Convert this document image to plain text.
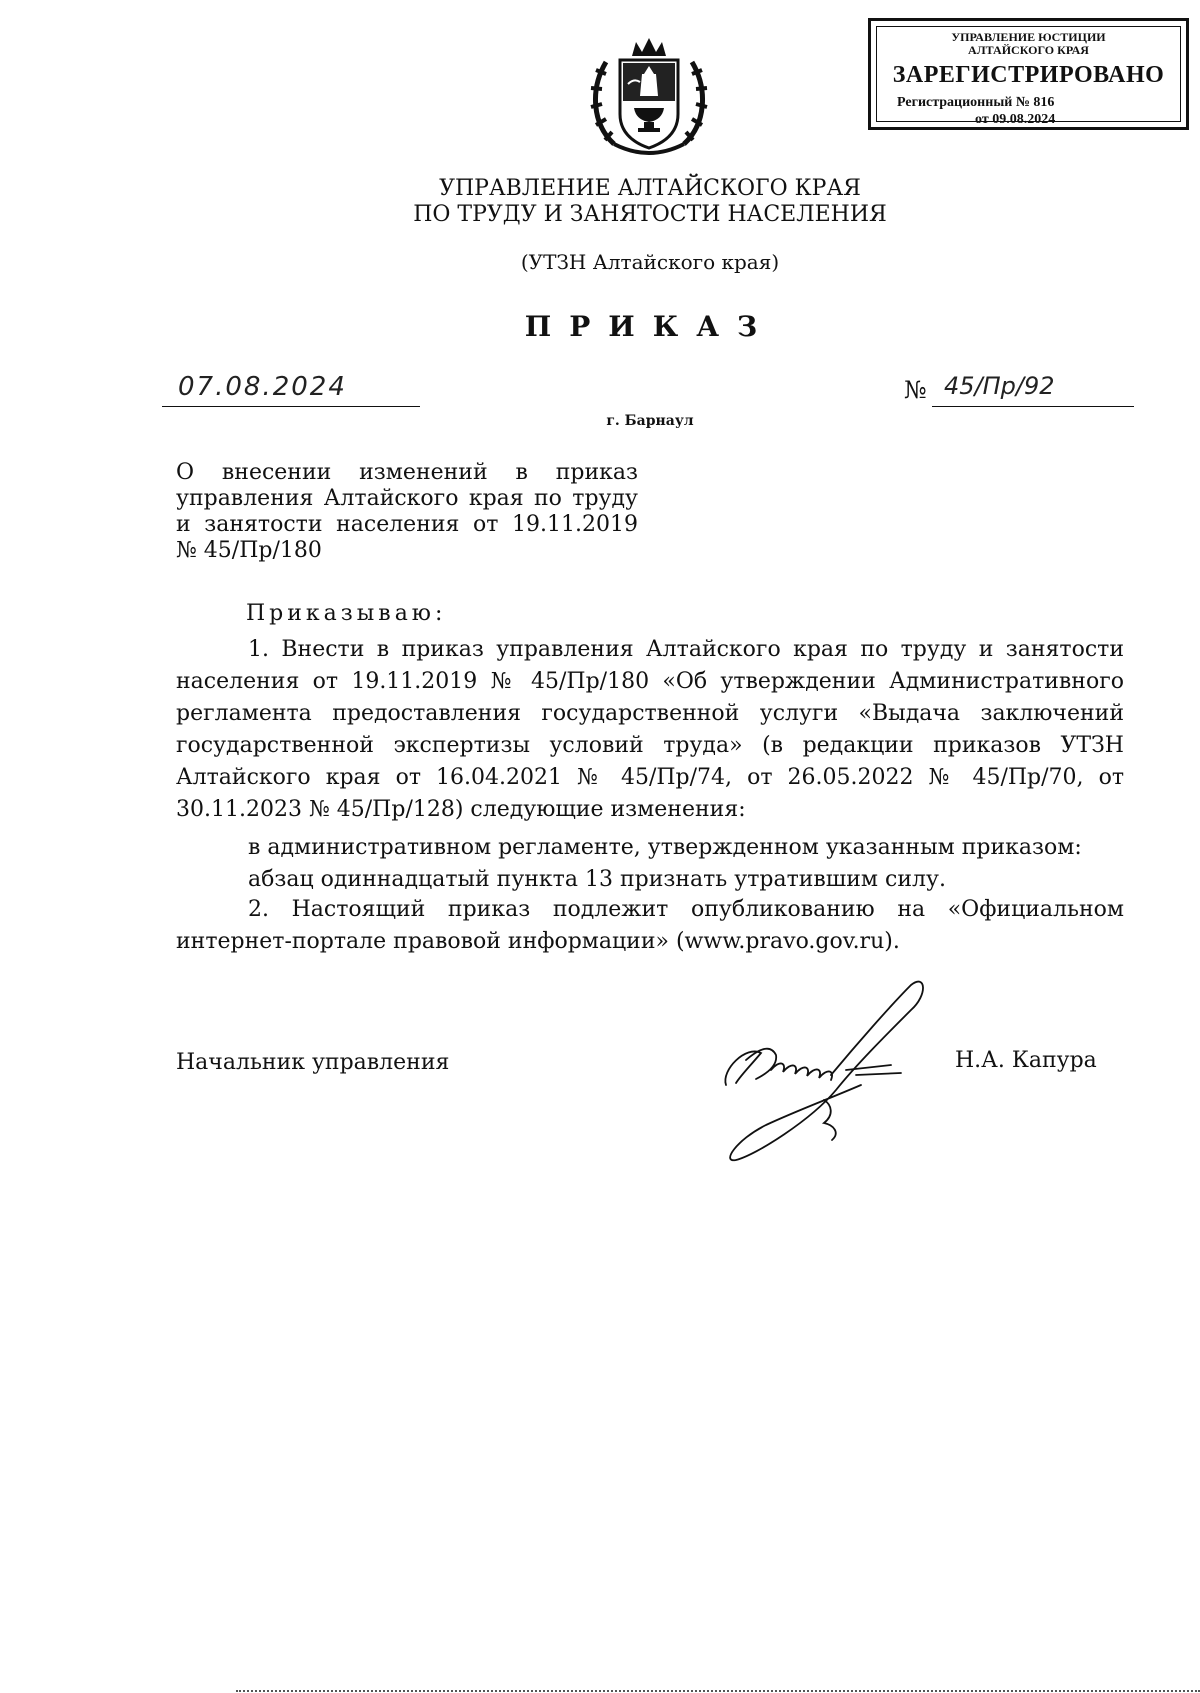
УПРАВЛЕНИЕ ЮСТИЦИИ
АЛТАЙСКОГО КРАЯ
ЗАРЕГИСТРИРОВАНО
Регистрационный № 816
от 09.08.2024
УПРАВЛЕНИЕ АЛТАЙСКОГО КРАЯ
ПО ТРУДУ И ЗАНЯТОСТИ НАСЕЛЕНИЯ
(УТЗН Алтайского края)
ПРИКАЗ
07.08.2024	№ 45/Пр/92
г. Барнаул
О внесении изменений в приказ управления Алтайского края по труду и занятости населения от 19.11.2019 № 45/Пр/180
Приказываю:
1. Внести в приказ управления Алтайского края по труду и занятости населения от 19.11.2019 № 45/Пр/180 «Об утверждении Административного регламента предоставления государственной услуги «Выдача заключений государственной экспертизы условий труда» (в редакции приказов УТЗН Алтайского края от 16.04.2021 № 45/Пр/74, от 26.05.2022 № 45/Пр/70, от 30.11.2023 № 45/Пр/128) следующие изменения:
в административном регламенте, утвержденном указанным приказом:
абзац одиннадцатый пункта 13 признать утратившим силу.
2. Настоящий приказ подлежит опубликованию на «Официальном интернет-портале правовой информации» (www.pravo.gov.ru).
Начальник управления	Н.А. Капура
